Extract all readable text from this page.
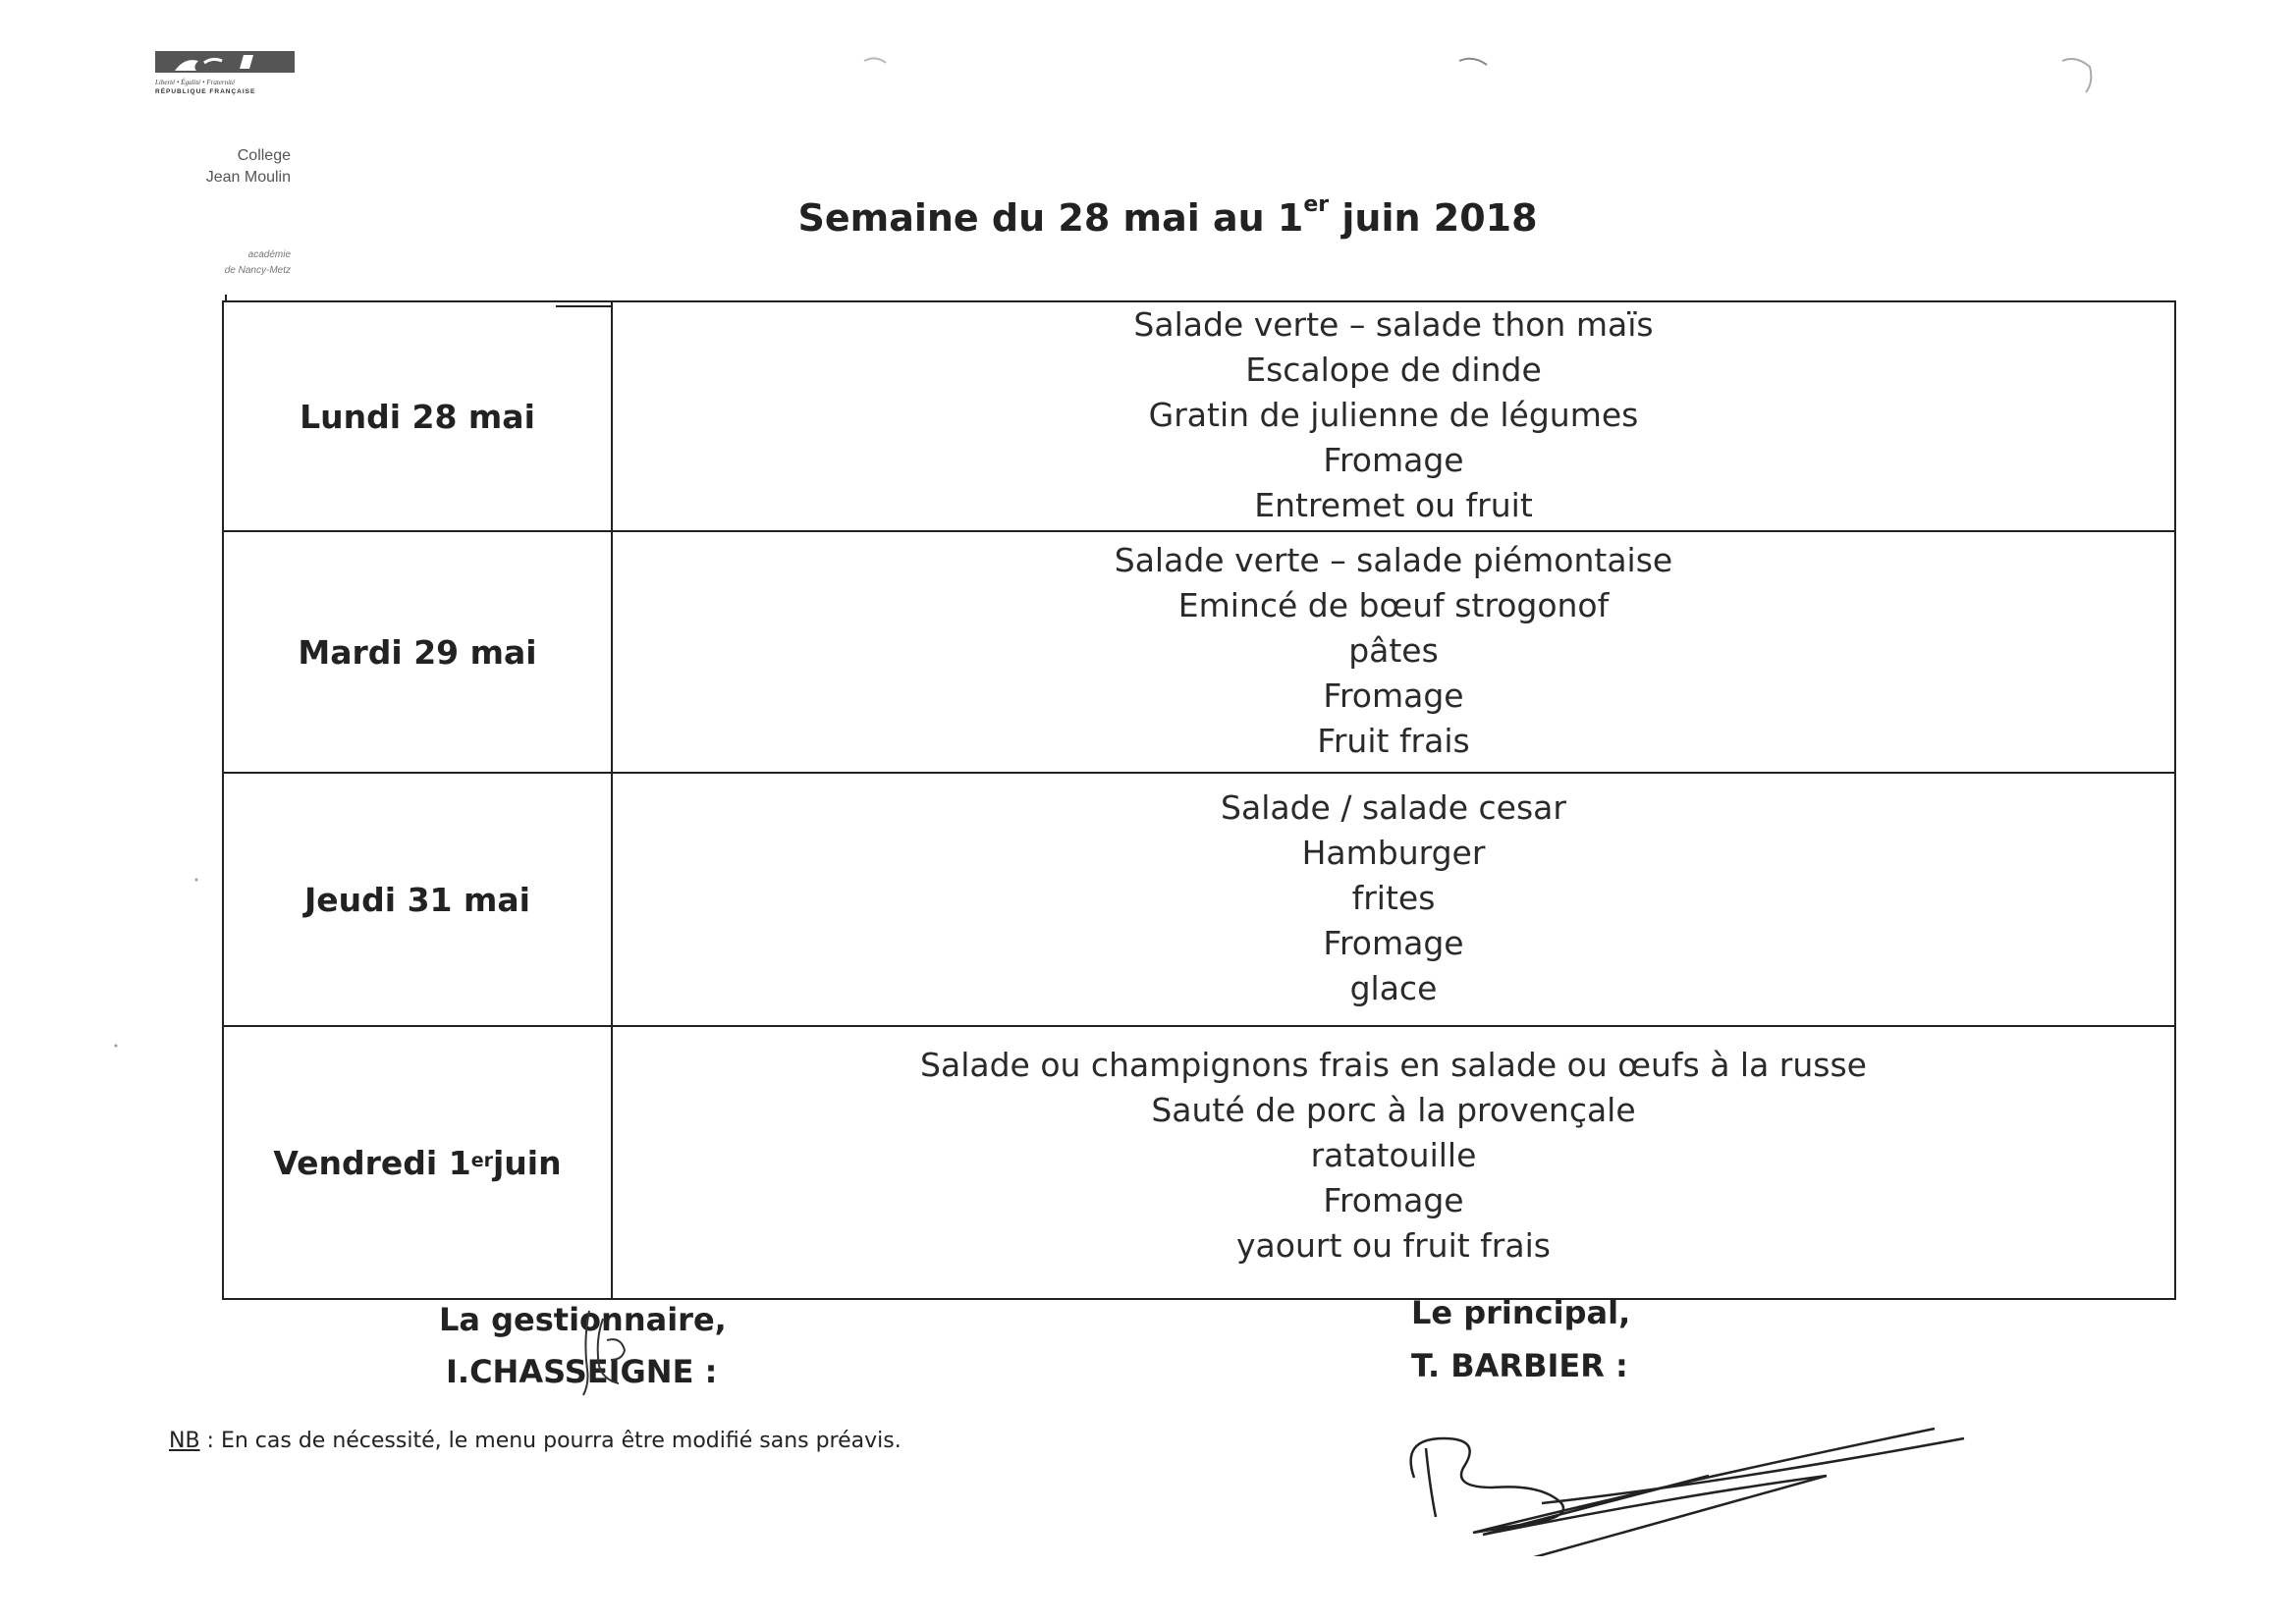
Liberté • Égalité • Fraternité
RÉPUBLIQUE FRANÇAISE
College
Jean Moulin
académie
de Nancy-Metz
Semaine du 28 mai au 1er juin 2018
Lundi 28 mai
Salade verte – salade thon maïs
Escalope de dinde
Gratin de julienne de légumes
Fromage
Entremet ou fruit
Mardi 29 mai
Salade verte – salade piémontaise
Emincé de bœuf strogonof
pâtes
Fromage
Fruit frais
Jeudi 31 mai
Salade / salade cesar
Hamburger
frites
Fromage
glace
Vendredi 1er juin
Salade ou champignons frais en salade ou œufs à la russe
Sauté de porc à la provençale
ratatouille
Fromage
yaourt ou fruit frais
La gestionnaire,
I.CHASSEIGNE :
Le principal,
T. BARBIER :
NB : En cas de nécessité, le menu pourra être modifié sans préavis.
